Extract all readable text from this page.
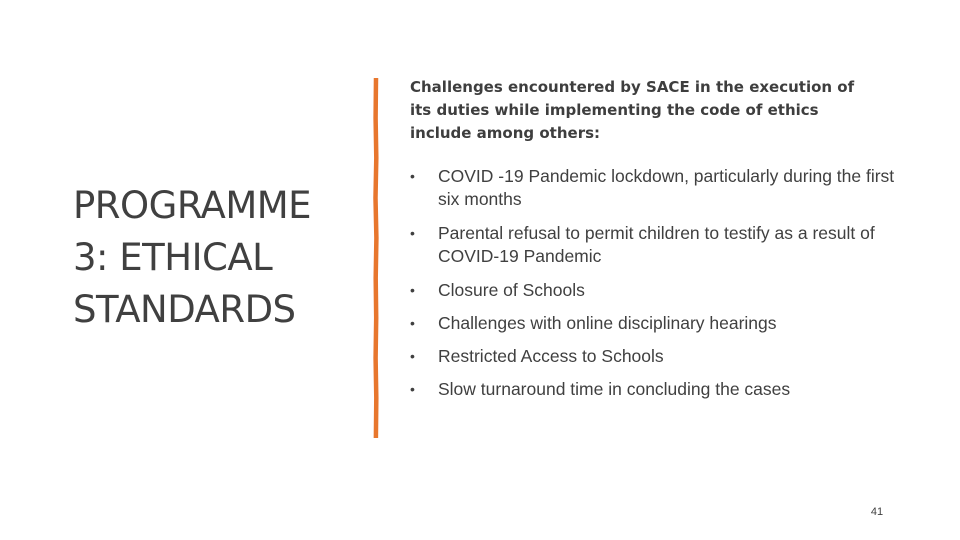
PROGRAMME
3: ETHICAL
STANDARDS

Challenges encountered by SACE in the execution of its duties while implementing the code of ethics include among others:

•	COVID -19 Pandemic lockdown, particularly during the first six months
•	Parental refusal to permit children to testify as a result of COVID-19 Pandemic
•	Closure of Schools
•	Challenges with online disciplinary hearings
•	Restricted Access to Schools
•	Slow turnaround time in concluding the cases
41
